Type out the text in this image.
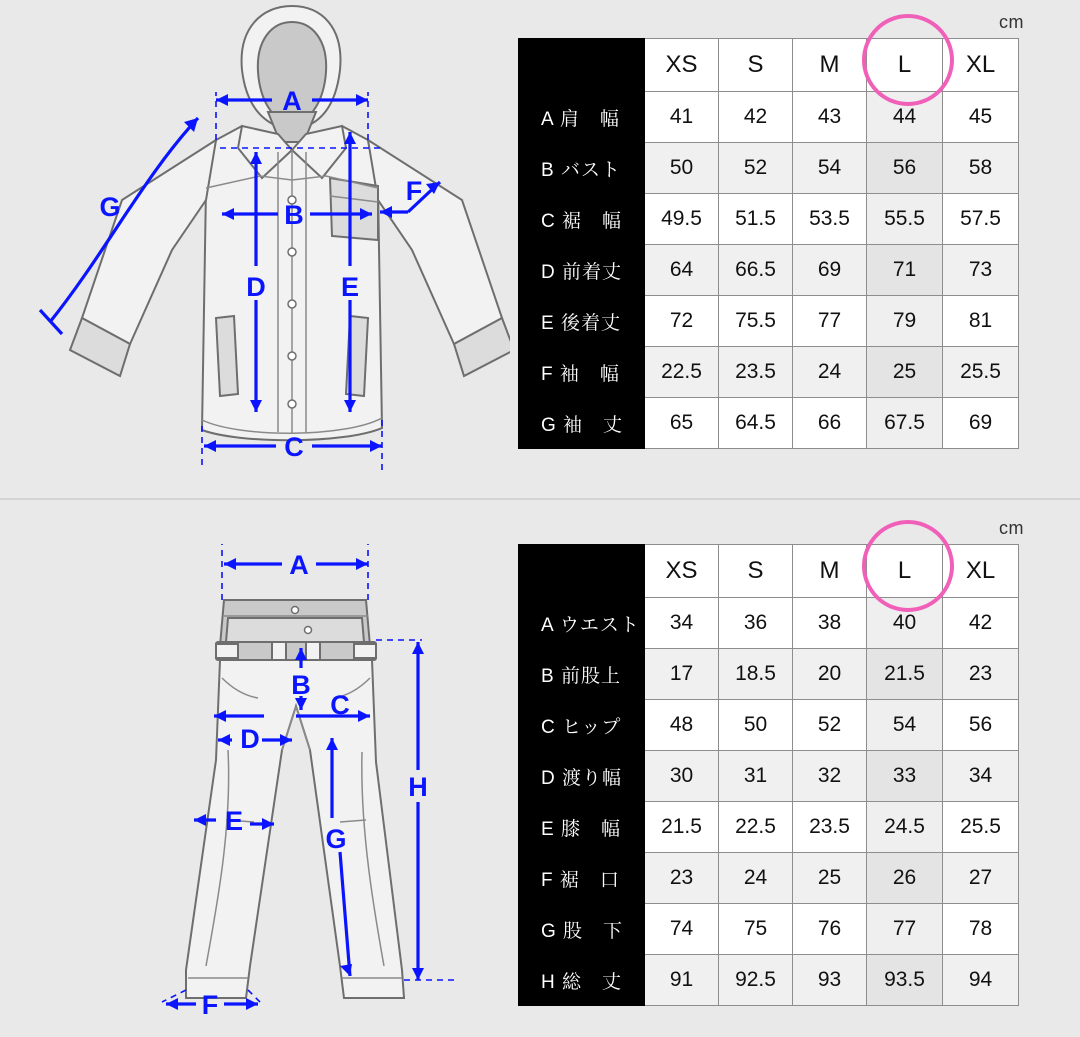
A
B
C
D	E
F
G
cm
	XS	S	M	L	XL
A 肩　幅	41	42	43	44	45
B バスト	50	52	54	56	58
C 裾　幅	49.5	51.5	53.5	55.5	57.5
D 前着丈	64	66.5	69	71	73
E 後着丈	72	75.5	77	79	81
F 袖　幅	22.5	23.5	24	25	25.5
G 袖　丈	65	64.5	66	67.5	69
A
B
C
D
E
F
G
H
cm
	XS	S	M	L	XL
A ウエスト	34	36	38	40	42
B 前股上	17	18.5	20	21.5	23
C ヒップ	48	50	52	54	56
D 渡り幅	30	31	32	33	34
E 膝　幅	21.5	22.5	23.5	24.5	25.5
F 裾　口	23	24	25	26	27
G 股　下	74	75	76	77	78
H 総　丈	91	92.5	93	93.5	94
